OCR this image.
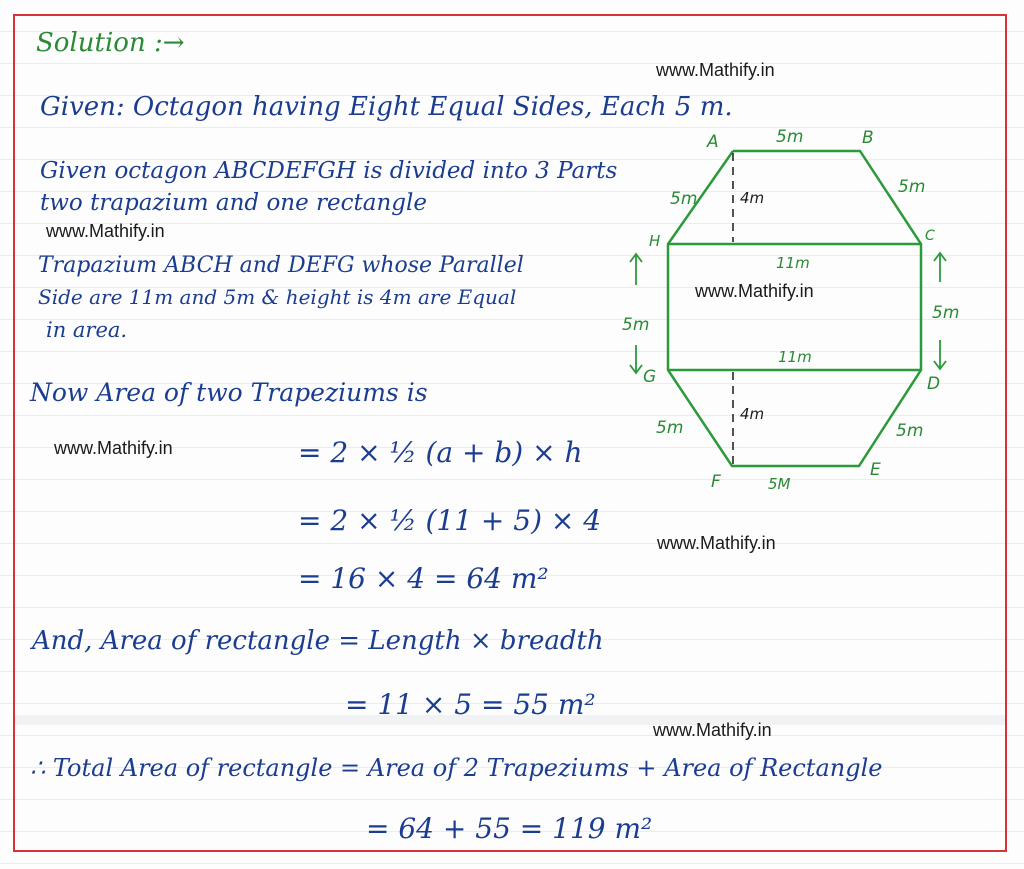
Solution :→
www.Mathify.in
Given: Octagon having Eight Equal Sides, Each 5 m.
Given octagon ABCDEFGH is divided into 3 Parts
two trapazium and one rectangle
www.Mathify.in
Trapazium ABCH and DEFG whose Parallel
Side are 11m and 5m & height is 4m are Equal
in area.
www.Mathify.in
Now Area of two Trapeziums is
www.Mathify.in	= 2 × ½ (a + b) × h
= 2 × ½ (11 + 5) × 4
= 16 × 4 = 64 m²
www.Mathify.in
And, Area of rectangle = Length × breadth
= 11 × 5 = 55 m²
www.Mathify.in
∴ Total Area of rectangle = Area of 2 Trapeziums + Area of Rectangle
= 64 + 55 = 119 m²
A	B
C
D
E
F
G
H
5m
5m
5m
4m
11m
11m
5m
5m
4m
5m	5m
5M
